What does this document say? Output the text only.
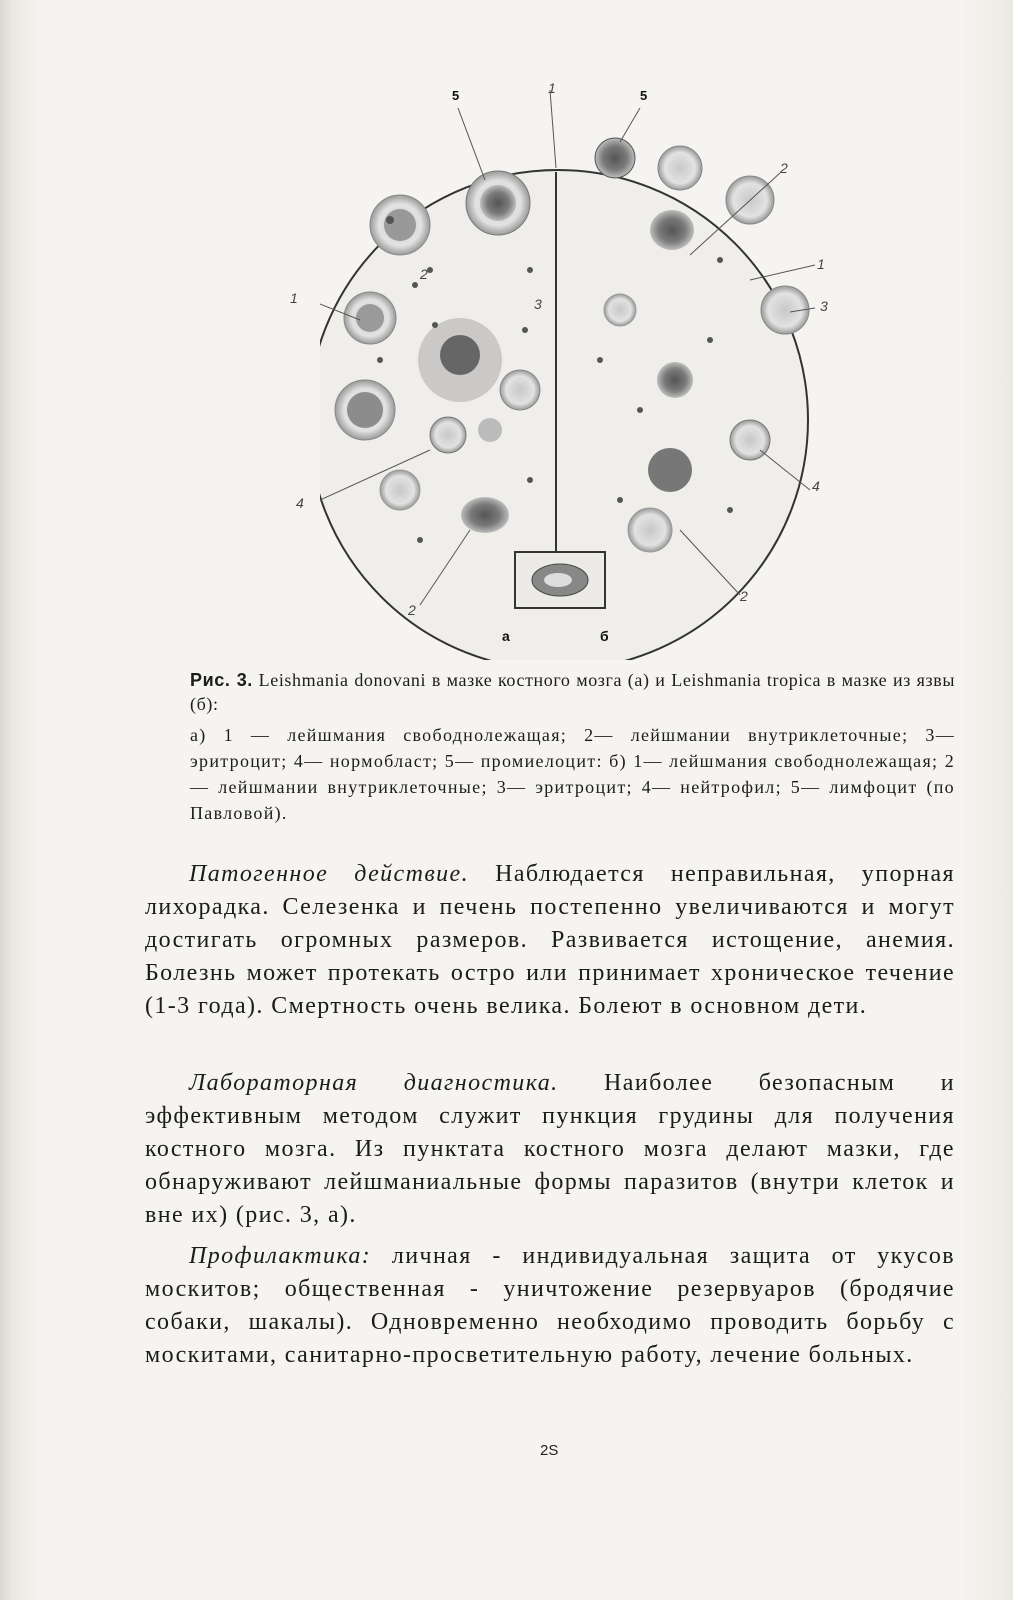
5	5
1
2
1	3
4
2
2
1
3
4
2
а	б
Рис. 3. Leishmania donovani в мазке костного мозга (а) и Leishmania tropica в мазке из язвы (б):
а) 1 — лейшмания свободнолежащая; 2— лейшмании внутриклеточные; 3— эритроцит; 4— нормобласт; 5— промиелоцит: б) 1— лейшмания свободнолежащая; 2— лейшмании внутриклеточные; 3— эритроцит; 4— нейтрофил; 5— лимфоцит (по Павловой).
Патогенное действие. Наблюдается неправильная, упорная лихорадка. Селезенка и печень постепенно увеличиваются и могут достигать огромных размеров. Развивается истощение, анемия. Болезнь может протекать остро или принимает хроническое течение (1-3 года). Смертность очень велика. Болеют в основном дети.
Лабораторная диагностика. Наиболее безопасным и эффективным методом служит пункция грудины для получения костного мозга. Из пунктата костного мозга делают мазки, где обнаруживают лейшманиальные формы паразитов (внутри клеток и вне их) (рис. 3, а).
Профилактика: личная - индивидуальная защита от укусов москитов; общественная - уничтожение резервуаров (бродячие собаки, шакалы). Одновременно необходимо проводить борьбу с москитами, санитарно-просветительную работу, лечение больных.
2S
